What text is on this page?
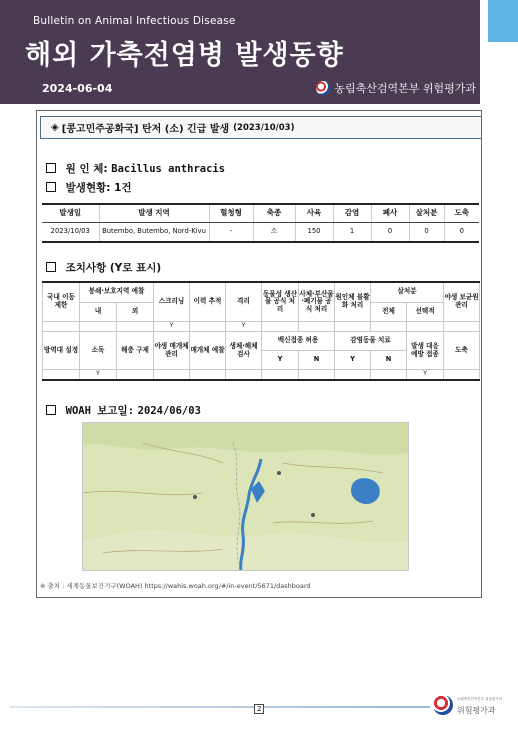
Bulletin on Animal Infectious Disease
해외 가축전염병 발생동향
2024-06-04	농림축산검역본부 위험평가과
◈ [콩고민주공화국] 탄저 (소) 긴급 발생 (2023/10/03)
원 인 체: Bacillus anthracis
발생현황: 1건
발생일	발생 지역	혈청형	축종	사육	감염	폐사	살처분	도축
2023/10/03	Butembo, Butembo, Nord-Kivu	-	소	150	1	0	0	0
조치사항 (Y로 표시)
국내 이동 제한	봉쇄·보호지역 예찰		스크리닝	이력 추적	격리	동물성 생산물 공식 처리	사체·부산물·폐기물 공식 처리	원인체 불활화 처리	살처분		야생 보균원 관리
	내	외							전체	선택적	
			Y		Y						
방역대 설정	소독	해충 구제	야생 매개체 관리	매개체 예찰	생체·해체 검사	백신접종 허용		감염동물 치료		발생 대응 예방 접종	도축
						Y	N	Y	N		
	Y									Y	
WOAH 보고일: 2024/06/03
※ 출처 : 세계동물보건기구(WOAH) https://wahis.woah.org/#/in-event/5671/dashboard
2
농림축산검역본부 위험평가과
위험평가과
